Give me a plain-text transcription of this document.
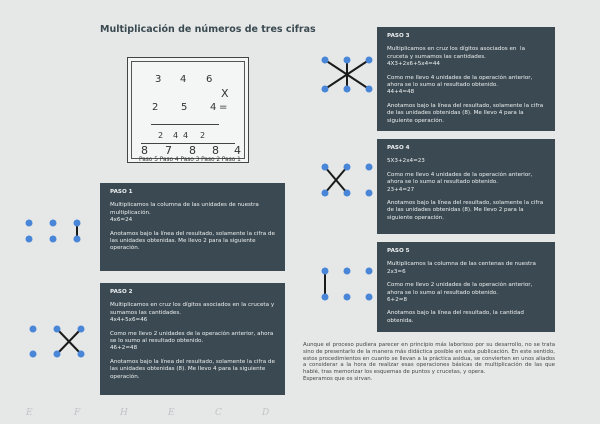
E	F	H	E	C	D
Multiplicación de números de tres cifras
3 4 6
X
2 5 4 =
2 4 4 2
8 7 8 8 4
Paso 5 Paso 4 Paso 3 Paso 2 Paso 1
PASO 1
Multiplicamos la columna de las unidades de nuestra multiplicación.
4x6=24
Anotamos bajo la línea del resultado, solamente la cifra de las unidades obtenidas. Me llevo 2 para la siguiente operación.
PASO 2
Multiplicamos en cruz los dígitos asociados en la cruceta y sumamos las cantidades.
4x4+5x6=46
Como me llevo 2 unidades de la operación anterior, ahora se lo sumo al resultado obtenido.
46+2=48
Anotamos bajo la línea del resultado, solamente la cifra de las unidades obtenidas (8). Me llevo 4 para la siguiente operación.
PASO 3
Multiplicamos en cruz los dígitos asociados en  la cruceta y sumamos las cantidades.
4X3+2x6+5x4=44
Como me llevo 4 unidades de la operación anterior, ahora se lo sumo al resultado obtenido.
44+4=48
Anotamos bajo la línea del resultado, solamente la cifra de las unidades obtenidas (8). Me llevo 4 para la siguiente operación.
PASO 4
5X3+2x4=23
Como me llevo 4 unidades de la operación anterior, ahora se lo sumo al resultado obtenido.
23+4=27
Anotamos bajo la línea del resultado, solamente la cifra de las unidades obtenidas (8). Me llevo 2 para la siguiente operación.
PASO 5
Multiplicamos la columna de las centenas de nuestra
2x3=6
Como me llevo 2 unidades de la operación anterior, ahora se lo sumo al resultado obtenido.
6+2=8
Anotamos bajo la línea del resultado, la cantidad obtenida.
Aunque el proceso pudiera parecer en principio más laborioso por su desarrollo, no se trata sino de presentarlo de la manera más didáctica posible en esta publicación. En este sentido, estos procedimientos en cuanto se llevan a la práctica asidua, se convierten en unos aliados a considerar a la hora de realizar esas operaciones básicas de multiplicación de las que hablé, tras memorizar los esquemas de puntos y crucetas, y opera.
Esperamos que os sirvan.
